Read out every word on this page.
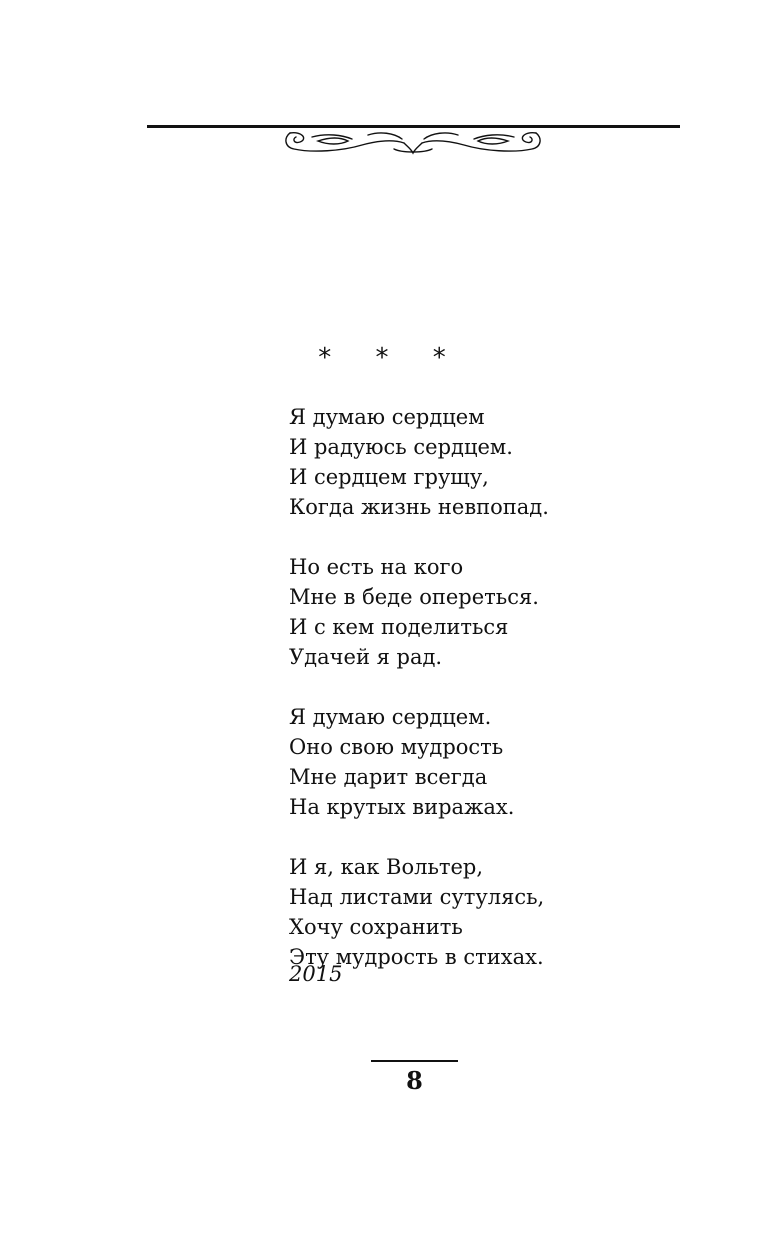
* * *
Я думаю сердцем
И радуюсь сердцем.
И сердцем грущу,
Когда жизнь невпопад.
Но есть на кого
Мне в беде опереться.
И с кем поделиться
Удачей я рад.
Я думаю сердцем.
Оно свою мудрость
Мне дарит всегда
На крутых виражах.
И я, как Вольтер,
Над листами сутулясь,
Хочу сохранить
Эту мудрость в стихах.
2015
8
